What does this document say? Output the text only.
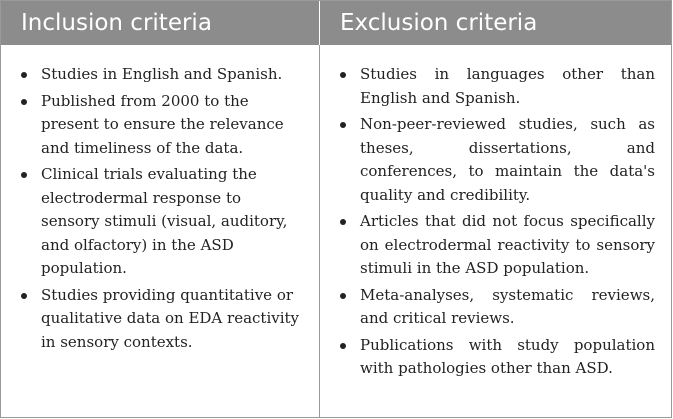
Inclusion criteria	Exclusion criteria
Studies in English and Spanish.
Published from 2000 to the present to ensure the relevance and timeliness of the data.
Clinical trials evaluating the electrodermal response to sensory stimuli (visual, auditory, and olfactory) in the ASD population.
Studies providing quantitative or qualitative data on EDA reactivity in sensory contexts.
Studies in languages other than English and Spanish.
Non-peer-reviewed studies, such as theses, dissertations, and conferences, to maintain the data's quality and credibility.
Articles that did not focus specifically on electrodermal reactivity to sensory stimuli in the ASD population.
Meta-analyses, systematic reviews, and critical reviews.
Publications with study population with pathologies other than ASD.
